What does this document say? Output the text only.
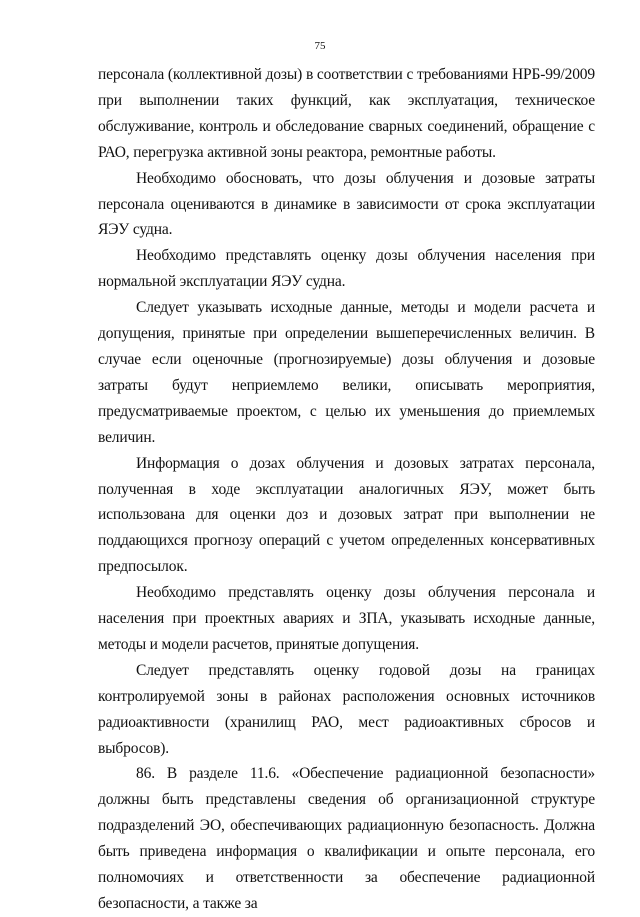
75

персонала (коллективной дозы) в соответствии с требованиями НРБ-99/2009 при выполнении таких функций, как эксплуатация, техническое обслуживание, контроль и обследование сварных соединений, обращение с РАО, перегрузка активной зоны реактора, ремонтные работы.

Необходимо обосновать, что дозы облучения и дозовые затраты персонала оцениваются в динамике в зависимости от срока эксплуатации ЯЭУ судна.

Необходимо представлять оценку дозы облучения населения при нормальной эксплуатации ЯЭУ судна.

Следует указывать исходные данные, методы и модели расчета и допущения, принятые при определении вышеперечисленных величин. В случае если оценочные (прогнозируемые) дозы облучения и дозовые затраты будут неприемлемо велики, описывать мероприятия, предусматриваемые проектом, с целью их уменьшения до приемлемых величин.

Информация о дозах облучения и дозовых затратах персонала, полученная в ходе эксплуатации аналогичных ЯЭУ, может быть использована для оценки доз и дозовых затрат при выполнении не поддающихся прогнозу операций с учетом определенных консервативных предпосылок.

Необходимо представлять оценку дозы облучения персонала и населения при проектных авариях и ЗПА, указывать исходные данные, методы и модели расчетов, принятые допущения.

Следует представлять оценку годовой дозы на границах контролируемой зоны в районах расположения основных источников радиоактивности (хранилищ РАО, мест радиоактивных сбросов и выбросов).

86. В разделе 11.6. «Обеспечение радиационной безопасности» должны быть представлены сведения об организационной структуре подразделений ЭО, обеспечивающих радиационную безопасность. Должна быть приведена информация о квалификации и опыте персонала, его полномочиях и ответственности за обеспечение радиационной безопасности, а также за
